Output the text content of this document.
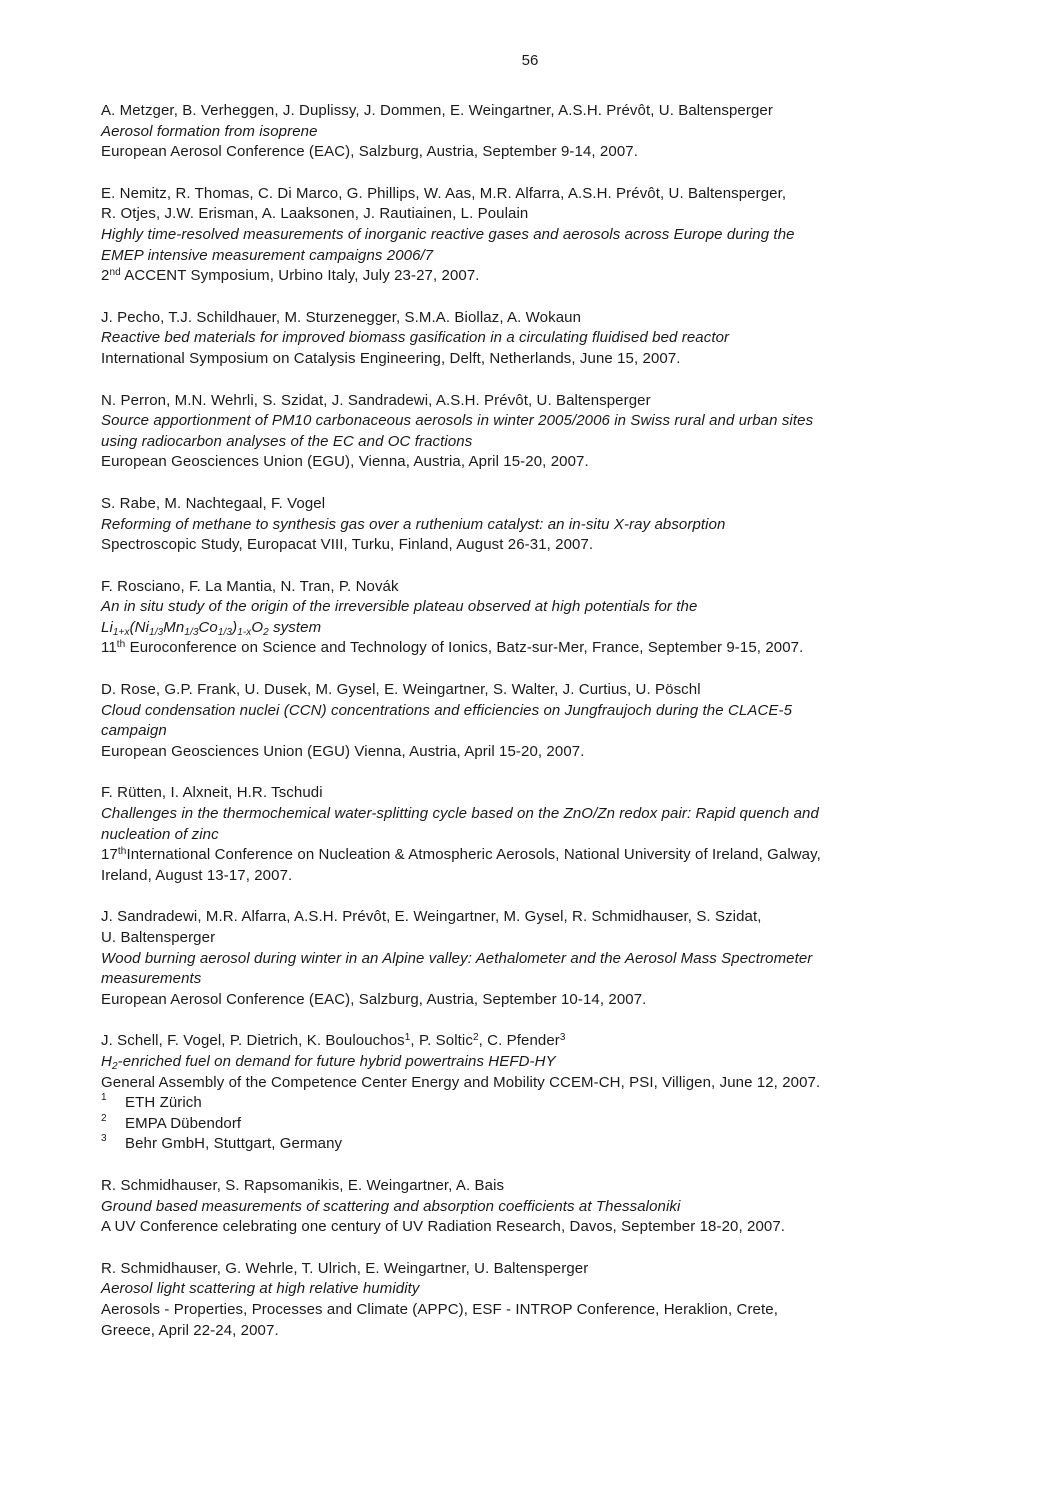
56
A. Metzger, B. Verheggen, J. Duplissy, J. Dommen, E. Weingartner, A.S.H. Prévôt, U. Baltensperger
Aerosol formation from isoprene
European Aerosol Conference (EAC), Salzburg, Austria, September 9-14, 2007.
E. Nemitz, R. Thomas, C. Di Marco, G. Phillips, W. Aas, M.R. Alfarra, A.S.H. Prévôt, U. Baltensperger,
R. Otjes, J.W. Erisman, A. Laaksonen, J. Rautiainen, L. Poulain
Highly time-resolved measurements of inorganic reactive gases and aerosols across Europe during the
EMEP intensive measurement campaigns 2006/7
2nd ACCENT Symposium, Urbino Italy, July 23-27, 2007.
J. Pecho, T.J. Schildhauer, M. Sturzenegger, S.M.A. Biollaz, A. Wokaun
Reactive bed materials for improved biomass gasification in a circulating fluidised bed reactor
International Symposium on Catalysis Engineering, Delft, Netherlands, June 15, 2007.
N. Perron, M.N. Wehrli, S. Szidat, J. Sandradewi, A.S.H. Prévôt, U. Baltensperger
Source apportionment of PM10 carbonaceous aerosols in winter 2005/2006 in Swiss rural and urban sites
using radiocarbon analyses of the EC and OC fractions
European Geosciences Union (EGU), Vienna, Austria, April 15-20, 2007.
S. Rabe, M. Nachtegaal, F. Vogel
Reforming of methane to synthesis gas over a ruthenium catalyst: an in-situ X-ray absorption
Spectroscopic Study, Europacat VIII, Turku, Finland, August 26-31, 2007.
F. Rosciano, F. La Mantia, N. Tran, P. Novák
An in situ study of the origin of the irreversible plateau observed at high potentials for the
$Li_{1+x}(Ni_{1/3}Mn_{1/3}Co_{1/3})_{1-x}O_2$ system
11th Euroconference on Science and Technology of Ionics, Batz-sur-Mer, France, September 9-15, 2007.
D. Rose, G.P. Frank, U. Dusek, M. Gysel, E. Weingartner, S. Walter, J. Curtius, U. Pöschl
Cloud condensation nuclei (CCN) concentrations and efficiencies on Jungfraujoch during the CLACE-5
campaign
European Geosciences Union (EGU) Vienna, Austria, April 15-20, 2007.
F. Rütten, I. Alxneit, H.R. Tschudi
Challenges in the thermochemical water-splitting cycle based on the ZnO/Zn redox pair: Rapid quench and
nucleation of zinc
17thInternational Conference on Nucleation & Atmospheric Aerosols, National University of Ireland, Galway,
Ireland, August 13-17, 2007.
J. Sandradewi, M.R. Alfarra, A.S.H. Prévôt, E. Weingartner, M. Gysel, R. Schmidhauser, S. Szidat,
U. Baltensperger
Wood burning aerosol during winter in an Alpine valley: Aethalometer and the Aerosol Mass Spectrometer
measurements
European Aerosol Conference (EAC), Salzburg, Austria, September 10-14, 2007.
J. Schell, F. Vogel, P. Dietrich, K. Boulouchos$^1$, P. Soltic$^2$, C. Pfender$^3$
$H_2$-enriched fuel on demand for future hybrid powertrains HEFD-HY
General Assembly of the Competence Center Energy and Mobility CCEM-CH, PSI, Villigen, June 12, 2007.
1 ETH Zürich
2 EMPA Dübendorf
3 Behr GmbH, Stuttgart, Germany
R. Schmidhauser, S. Rapsomanikis, E. Weingartner, A. Bais
Ground based measurements of scattering and absorption coefficients at Thessaloniki
A UV Conference celebrating one century of UV Radiation Research, Davos, September 18-20, 2007.
R. Schmidhauser, G. Wehrle, T. Ulrich, E. Weingartner, U. Baltensperger
Aerosol light scattering at high relative humidity
Aerosols - Properties, Processes and Climate (APPC), ESF - INTROP Conference, Heraklion, Crete,
Greece, April 22-24, 2007.
